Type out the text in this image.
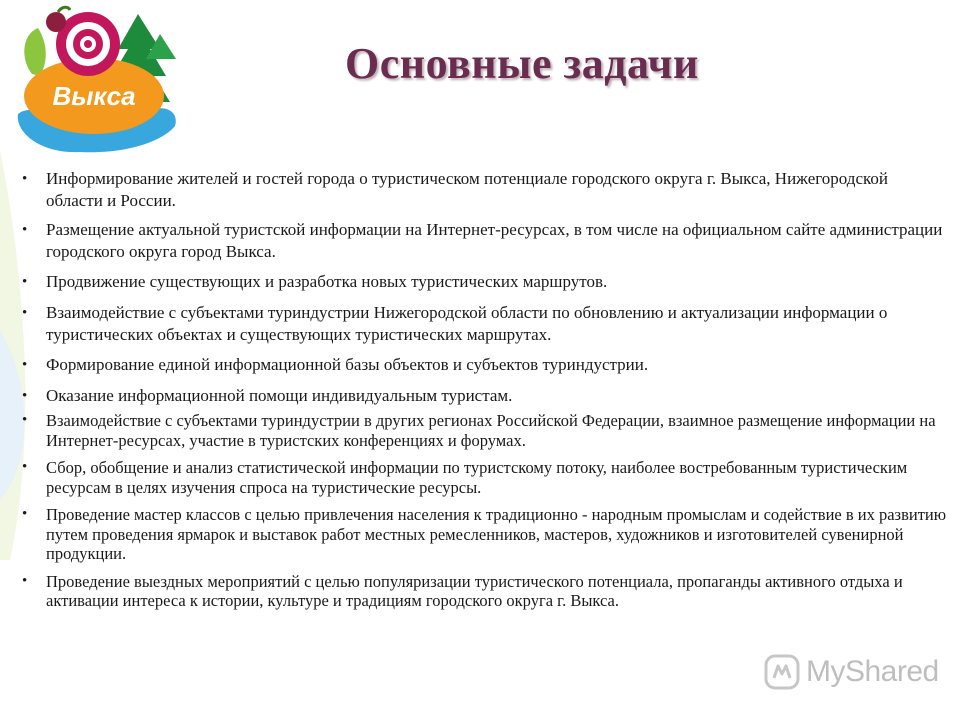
Выкса
Основные задачи
• Информирование жителей и гостей города о туристическом потенциале городского округа г. Выкса, Нижегородской области и России.
• Размещение актуальной туристской информации на Интернет-ресурсах, в том числе на официальном сайте администрации городского округа город Выкса.
• Продвижение существующих и разработка новых туристических маршрутов.
• Взаимодействие с субъектами туриндустрии Нижегородской области по обновлению и актуализации информации о туристических объектах и существующих туристических маршрутах.
• Формирование единой информационной базы объектов и субъектов туриндустрии.
• Оказание информационной помощи индивидуальным туристам.
• Взаимодействие с субъектами туриндустрии в других регионах Российской Федерации, взаимное размещение информации на Интернет-ресурсах, участие в туристских конференциях и форумах.
• Сбор, обобщение и анализ статистической информации по туристскому потоку, наиболее востребованным туристическим ресурсам в целях изучения спроса на туристические ресурсы.
• Проведение мастер классов с целью привлечения населения к традиционно - народным промыслам и содействие в их развитию путем проведения ярмарок и выставок работ местных ремесленников, мастеров, художников и изготовителей сувенирной продукции.
• Проведение выездных мероприятий с целью популяризации туристического потенциала, пропаганды активного отдыха и активации интереса к истории, культуре и традициям городского округа г. Выкса.
MyShared
